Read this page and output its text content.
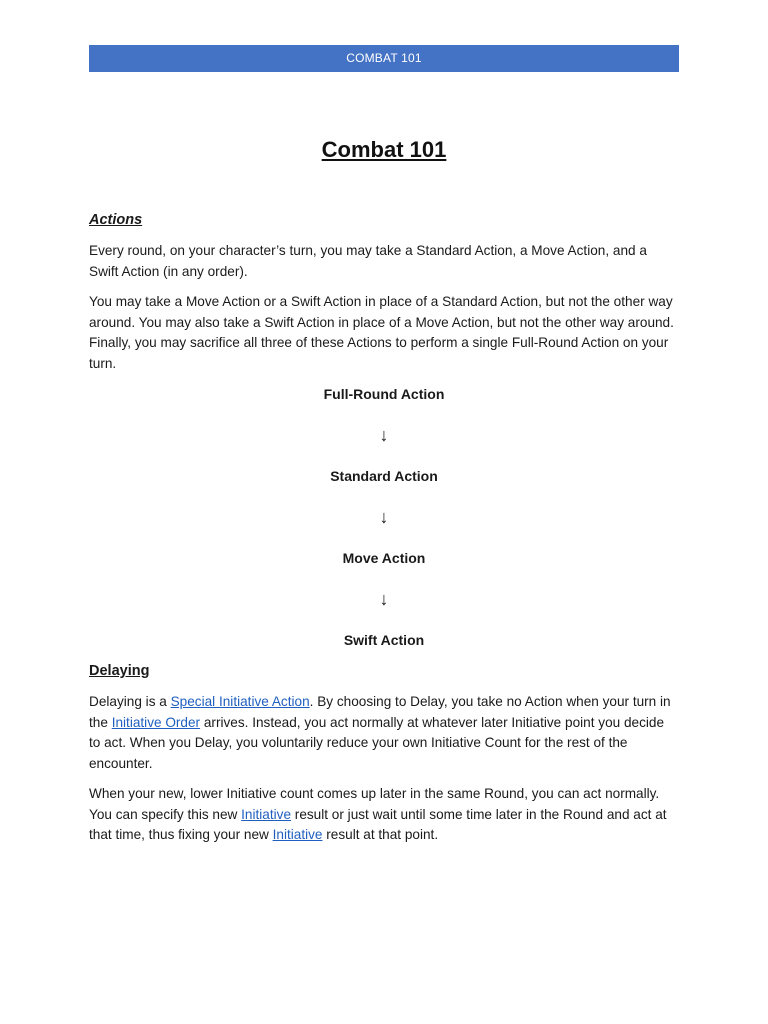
COMBAT 101
Combat 101
Actions

Every round, on your character’s turn, you may take a Standard Action, a Move Action, and a Swift Action (in any order).

You may take a Move Action or a Swift Action in place of a Standard Action, but not the other way around. You may also take a Swift Action in place of a Move Action, but not the other way around. Finally, you may sacrifice all three of these Actions to perform a single Full-Round Action on your turn.

Full-Round Action
↓
Standard Action
↓
Move Action
↓
Swift Action
Delaying

Delaying is a Special Initiative Action. By choosing to Delay, you take no Action when your turn in the Initiative Order arrives. Instead, you act normally at whatever later Initiative point you decide to act. When you Delay, you voluntarily reduce your own Initiative Count for the rest of the encounter.

When your new, lower Initiative count comes up later in the same Round, you can act normally. You can specify this new Initiative result or just wait until some time later in the Round and act at that time, thus fixing your new Initiative result at that point.
